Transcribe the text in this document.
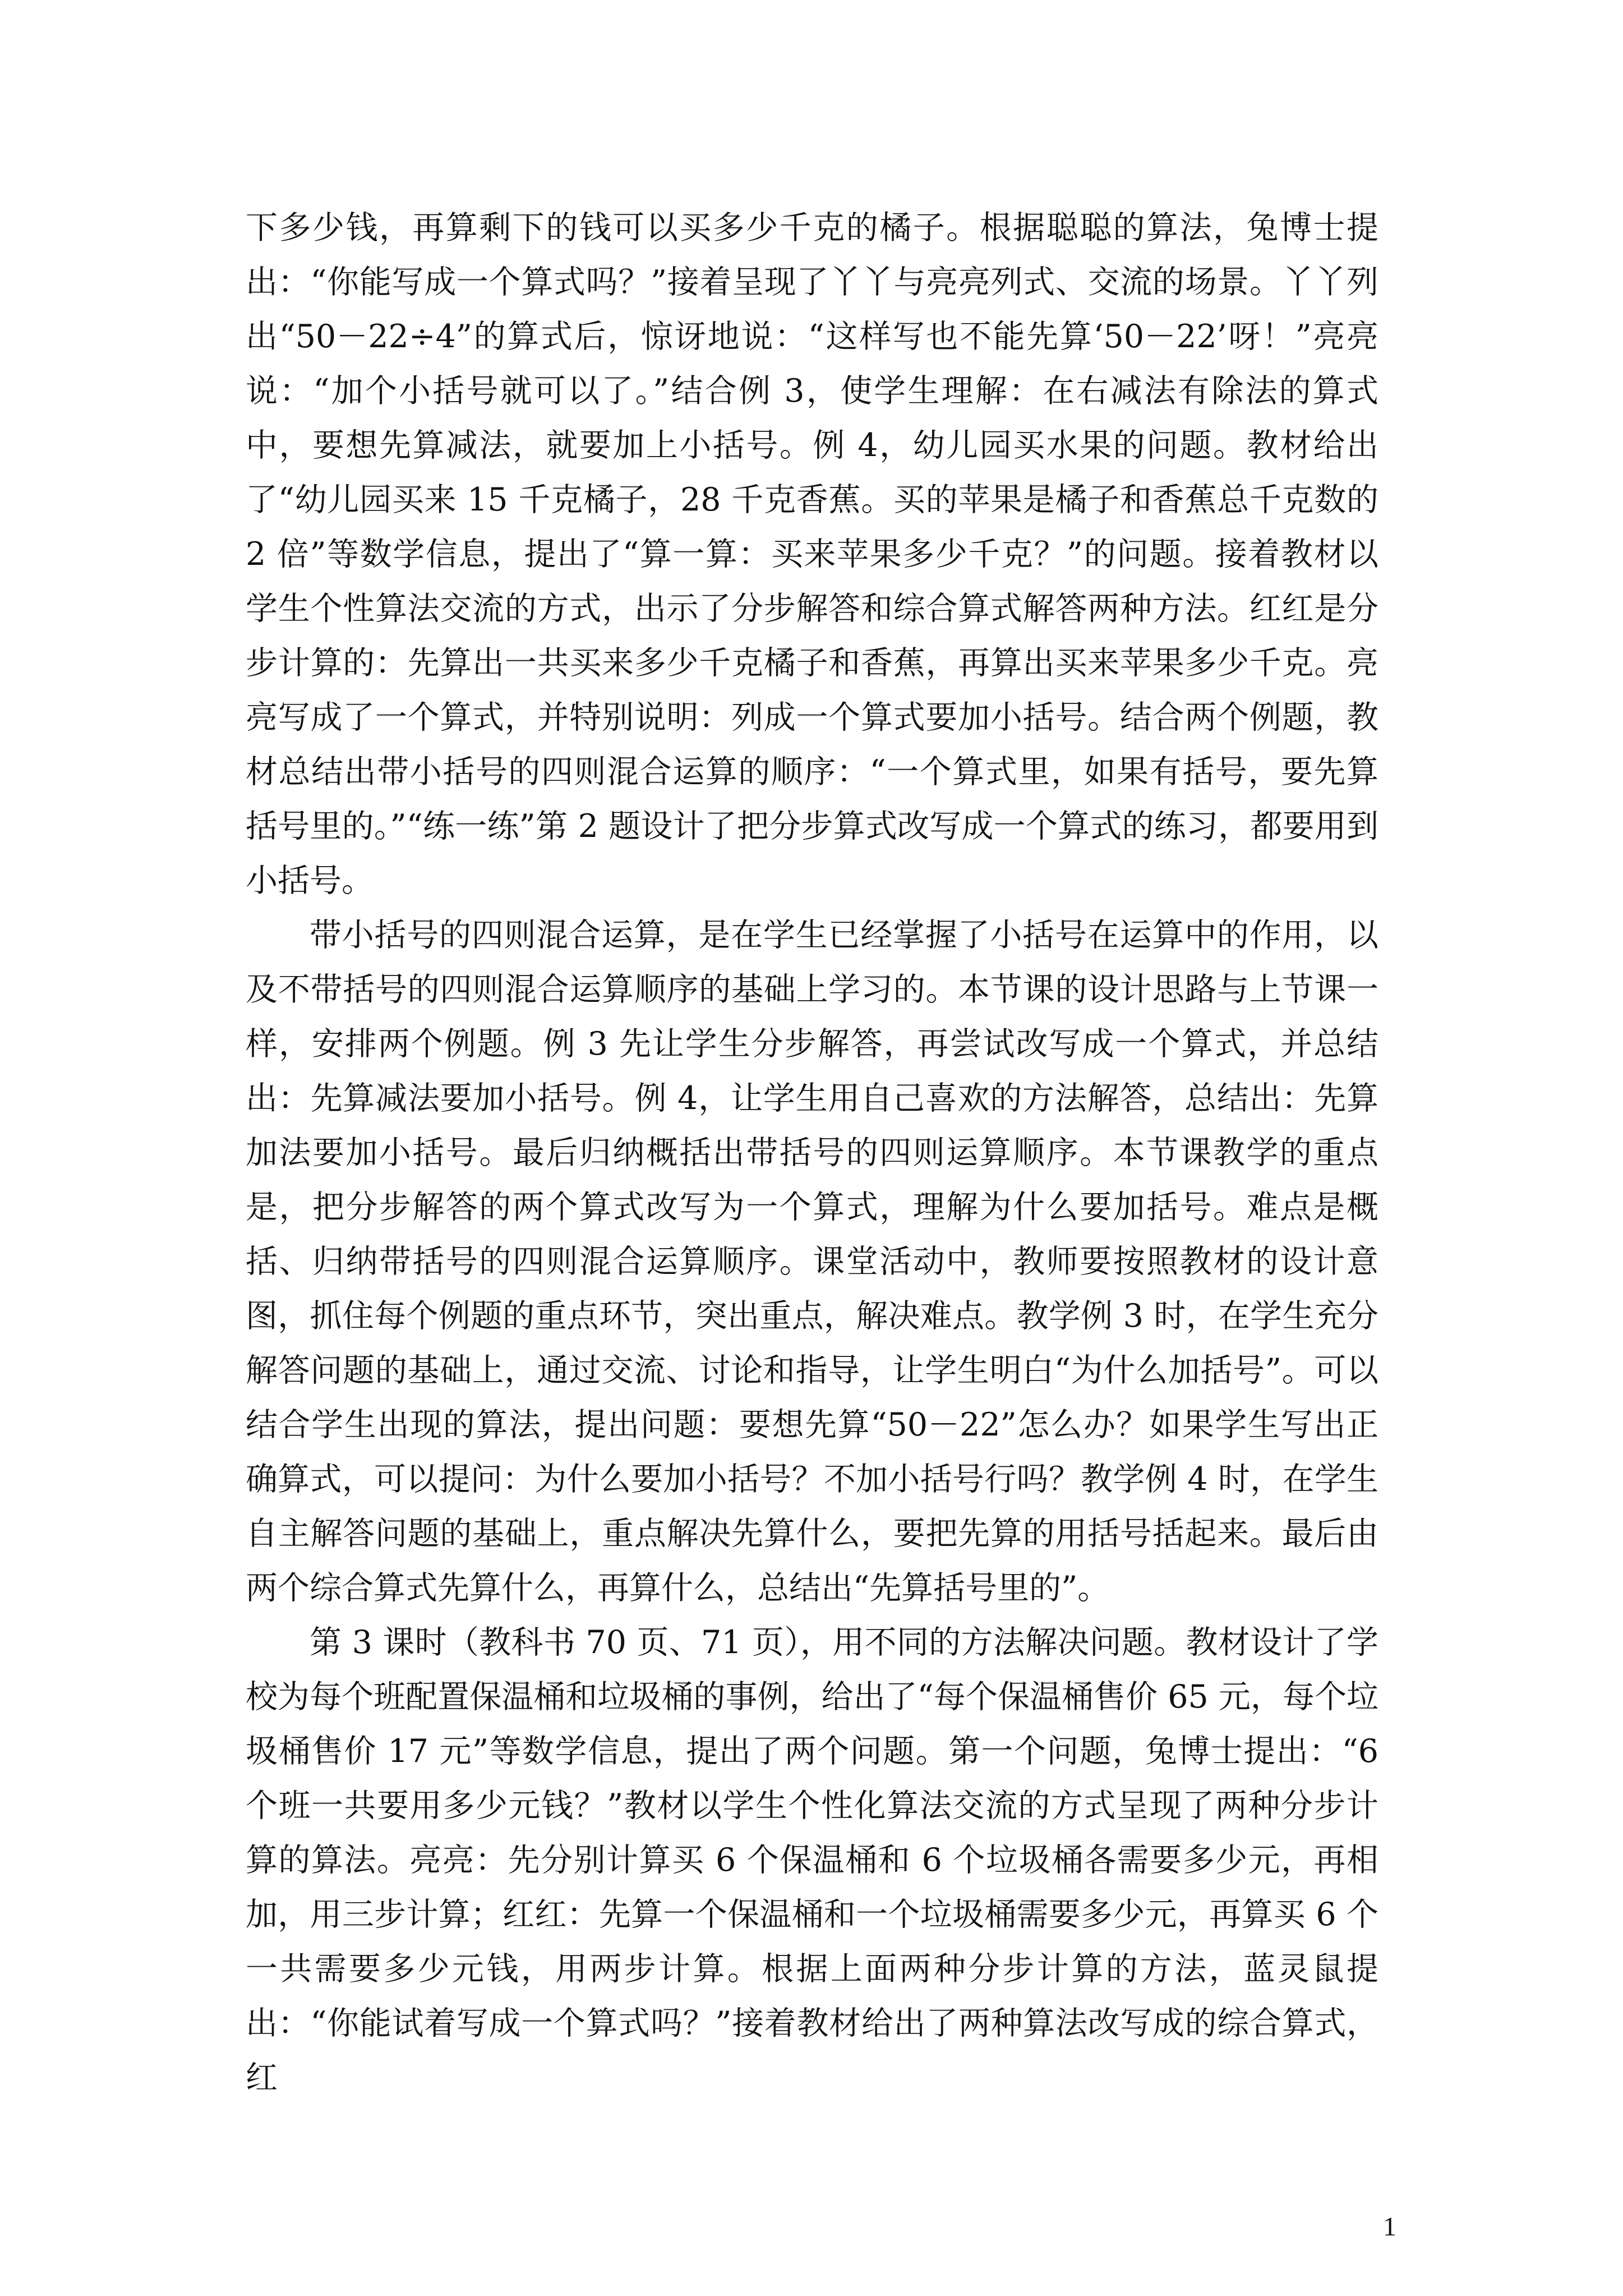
下多少钱，再算剩下的钱可以买多少千克的橘子。根据聪聪的算法，兔博士提出：“你能写成一个算式吗？”接着呈现了丫丫与亮亮列式、交流的场景。丫丫列出“50－22÷4”的算式后，惊讶地说：“这样写也不能先算‘50－22’呀！”亮亮说：“加个小括号就可以了。”结合例 3，使学生理解：在右减法有除法的算式中，要想先算减法，就要加上小括号。例 4，幼儿园买水果的问题。教材给出了“幼儿园买来 15 千克橘子，28 千克香蕉。买的苹果是橘子和香蕉总千克数的 2 倍”等数学信息，提出了“算一算：买来苹果多少千克？”的问题。接着教材以学生个性算法交流的方式，出示了分步解答和综合算式解答两种方法。红红是分步计算的：先算出一共买来多少千克橘子和香蕉，再算出买来苹果多少千克。亮亮写成了一个算式，并特别说明：列成一个算式要加小括号。结合两个例题，教材总结出带小括号的四则混合运算的顺序：“一个算式里，如果有括号，要先算括号里的。”“练一练”第 2 题设计了把分步算式改写成一个算式的练习，都要用到小括号。

带小括号的四则混合运算，是在学生已经掌握了小括号在运算中的作用，以及不带括号的四则混合运算顺序的基础上学习的。本节课的设计思路与上节课一样，安排两个例题。例 3 先让学生分步解答，再尝试改写成一个算式，并总结出：先算减法要加小括号。例 4，让学生用自己喜欢的方法解答，总结出：先算加法要加小括号。最后归纳概括出带括号的四则运算顺序。本节课教学的重点是，把分步解答的两个算式改写为一个算式，理解为什么要加括号。难点是概括、归纳带括号的四则混合运算顺序。课堂活动中，教师要按照教材的设计意图，抓住每个例题的重点环节，突出重点，解决难点。教学例 3 时，在学生充分解答问题的基础上，通过交流、讨论和指导，让学生明白“为什么加括号”。可以结合学生出现的算法，提出问题：要想先算“50－22”怎么办？如果学生写出正确算式，可以提问：为什么要加小括号？不加小括号行吗？教学例 4 时，在学生自主解答问题的基础上，重点解决先算什么，要把先算的用括号括起来。最后由两个综合算式先算什么，再算什么，总结出“先算括号里的”。

第 3 课时（教科书 70 页、71 页），用不同的方法解决问题。教材设计了学校为每个班配置保温桶和垃圾桶的事例，给出了“每个保温桶售价 65 元，每个垃圾桶售价 17 元”等数学信息，提出了两个问题。第一个问题，兔博士提出：“6 个班一共要用多少元钱？”教材以学生个性化算法交流的方式呈现了两种分步计算的算法。亮亮：先分别计算买 6 个保温桶和 6 个垃圾桶各需要多少元，再相加，用三步计算；红红：先算一个保温桶和一个垃圾桶需要多少元，再算买 6 个一共需要多少元钱，用两步计算。根据上面两种分步计算的方法，蓝灵鼠提出：“你能试着写成一个算式吗？”接着教材给出了两种算法改写成的综合算式，红

1
